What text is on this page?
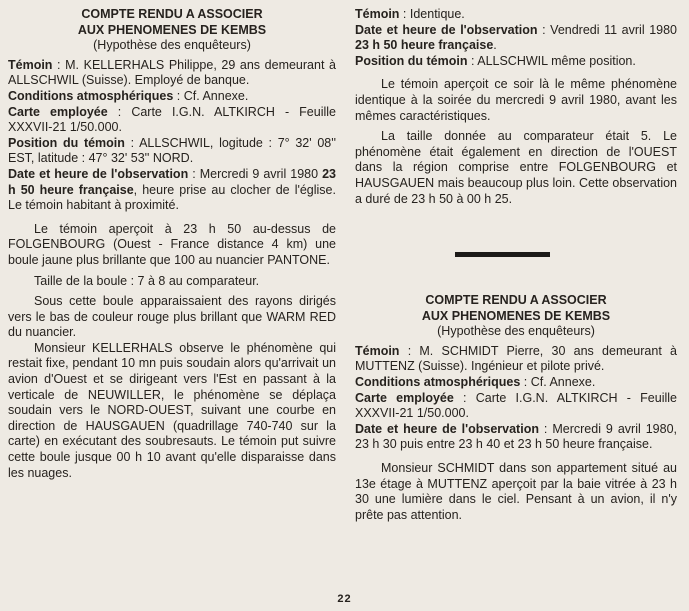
COMPTE RENDU A ASSOCIER

AUX PHENOMENES DE KEMBS

(Hypothèse des enquêteurs)

Témoin : M. KELLERHALS Philippe, 29 ans demeurant à ALLSCHWIL (Suisse). Employé de banque.

Conditions atmosphériques : Cf. Annexe.

Carte employée : Carte I.G.N. ALTKIRCH - Feuille XXXVII-21 1/50.000.

Position du témoin : ALLSCHWIL, logitude : 7° 32' 08'' EST, latitude : 47° 32' 53'' NORD.

Date et heure de l'observation : Mercredi 9 avril 1980 23 h 50 heure française, heure prise au clocher de l'église. Le témoin habitant à proximité.

Le témoin aperçoit à 23 h 50 au-dessus de FOLGENBOURG (Ouest - France distance 4 km) une boule jaune plus brillante que 100 au nuancier PANTONE.

Taille de la boule : 7 à 8 au comparateur.

Sous cette boule apparaissaient des rayons dirigés vers le bas de couleur rouge plus brillant que WARM RED du nuancier.

Monsieur KELLERHALS observe le phénomène qui restait fixe, pendant 10 mn puis soudain alors qu'arrivait un avion d'Ouest et se dirigeant vers l'Est en passant à la verticale de NEUWILLER, le phénomène se déplaça soudain vers le NORD-OUEST, suivant une courbe en direction de HAUSGAUEN (quadrillage 740-740 sur la carte) en exécutant des soubresauts. Le témoin put suivre cette boule jusque 00 h 10 avant qu'elle disparaisse dans les nuages.

Témoin : Identique.

Date et heure de l'observation : Vendredi 11 avril 1980 23 h 50 heure française.

Position du témoin : ALLSCHWIL même position.

Le témoin aperçoit ce soir là le même phénomène identique à la soirée du mercredi 9 avril 1980, avant les mêmes caractéristiques.

La taille donnée au comparateur était 5. Le phénomène était également en direction de l'OUEST dans la région comprise entre FOLGENBOURG et HAUSGAUEN mais beaucoup plus loin. Cette observation a duré de 23 h 50 à 00 h 25.

COMPTE RENDU A ASSOCIER

AUX PHENOMENES DE KEMBS

(Hypothèse des enquêteurs)

Témoin : M. SCHMIDT Pierre, 30 ans demeurant à MUTTENZ (Suisse). Ingénieur et pilote privé.

Conditions atmosphériques : Cf. Annexe.

Carte employée : Carte I.G.N. ALTKIRCH - Feuille XXXVII-21 1/50.000.

Date et heure de l'observation : Mercredi 9 avril 1980, 23 h 30 puis entre 23 h 40 et 23 h 50 heure française.

Monsieur SCHMIDT dans son appartement situé au 13e étage à MUTTENZ aperçoit par la baie vitrée à 23 h 30 une lumière dans le ciel. Pensant à un avion, il n'y prête pas attention.

22
